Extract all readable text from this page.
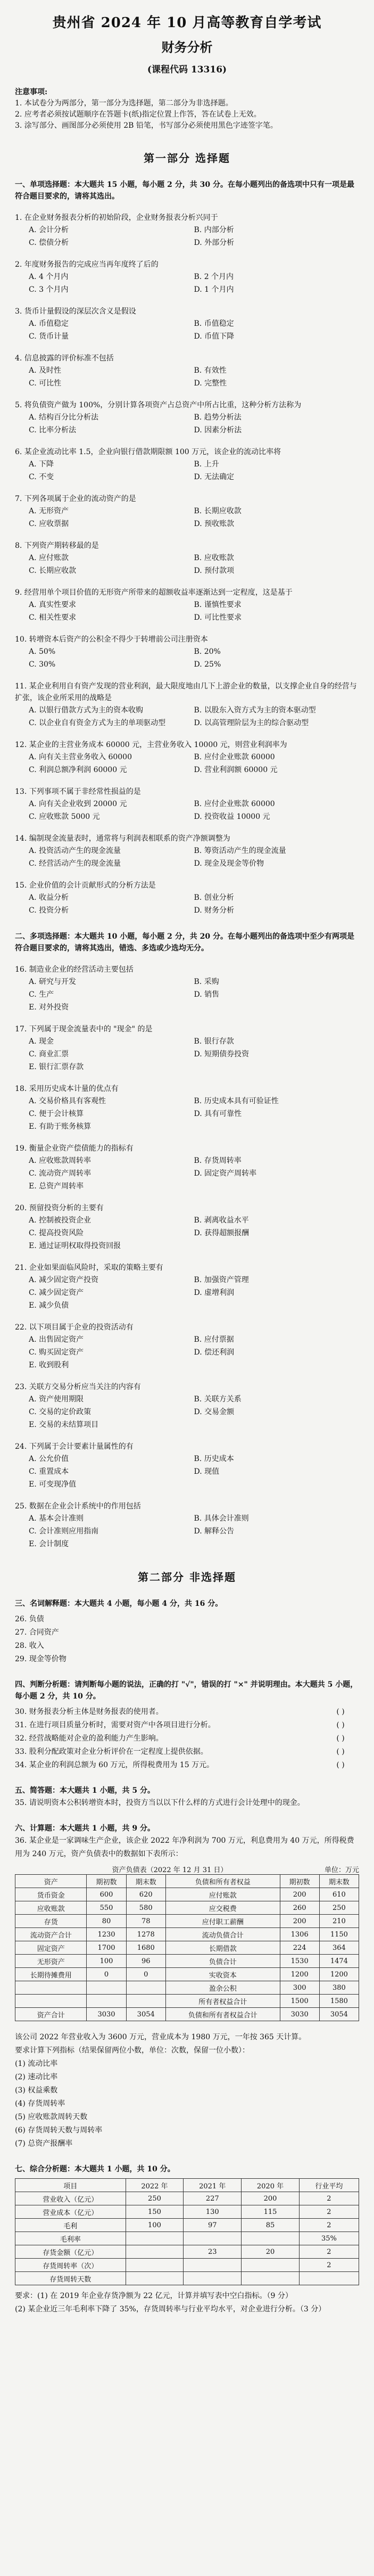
贵州省 2024 年 10 月高等教育自学考试
财务分析
(课程代码 13316)
注意事项:
1. 本试卷分为两部分，第一部分为选择题，第二部分为非选择题。
2. 应考者必须按试题顺序在答题卡(纸)指定位置上作答，答在试卷上无效。
3. 涂写部分、画图部分必须使用 2B 铅笔，书写部分必须使用黑色字迹签字笔。
第一部分 选择题
一、单项选择题：本大题共 15 小题，每小题 2 分，共 30 分。在每小题列出的备选项中只有一项是最符合题目要求的，请将其选出。
1. 在企业财务报表分析的初始阶段，企业财务报表分析兴同于
A. 会计分析	B. 内部分析
C. 偿债分析	D. 外部分析
2. 年度财务报告的完成应当再年度终了后的
A. 4 个月内	B. 2 个月内
C. 3 个月内	D. 1 个月内
3. 货币计量假设的深层次含义是假设
A. 币值稳定	B. 币值稳定
C. 货币计量	D. 币值下降
4. 信息披露的评价标准不包括
A. 及时性	B. 有效性
C. 可比性	D. 完整性
5. 将负债资产做为 100%，分别计算各项资产占总资产中所占比重，这种分析方法称为
A. 结构百分比分析法	B. 趋势分析法
C. 比率分析法	D. 因素分析法
6. 某企业流动比率 1.5，企业向银行借款期限额 100 万元，该企业的流动比率将
A. 下降	B. 上升
C. 不变	D. 无法确定
7. 下列各项属于企业的流动资产的是
A. 无形资产	B. 长期应收款
C. 应收票据	D. 预收账款
8. 下列资产期转移最的是
A. 应付账款	B. 应收账款
C. 长期应收款	D. 预付款项
9. 经营用单个项目价值的无形资产所带来的超额收益率逐渐达到一定程度，这是基于
A. 真实性要求	B. 谨慎性要求
C. 相关性要求	D. 可比性要求
10. 转增资本后资产的公积金不得少于转增前公司注册资本
A. 50%	B. 20%
C. 30%	D. 25%
11. 某企业利用自有资产发现的营业利润，最大限度地由几下上游企业的数量，以支撑企业自身的经营与扩张，该企业所采用的战略是
A. 以银行借款方式为主的资本收购	B. 以股东入资方式为主的资本驱动型
C. 以企业自有资金方式为主的单项驱动型	D. 以高管理阶层为主的综合驱动型
12. 某企业的主营业务成本 60000 元，主营业务收入 10000 元，则营业利润率为
A. 向有关主营业务收入 60000	B. 应付企业账款 60000
C. 利润总额净利润 60000 元	D. 营业利润额 60000 元
13. 下列事项不属于非经常性损益的是
A. 向有关企业收到 20000 元	B. 应付企业账款 60000
C. 应收账款 5000 元	D. 投资收益 10000 元
14. 编制现金流量表时，通常将与利润表相联系的资产净额调整为
A. 投资活动产生的现金流量	B. 筹资活动产生的现金流量
C. 经营活动产生的现金流量	D. 现金及现金等价物
15. 企业价值的会计贡献形式的分析方法是
A. 收益分析	B. 创业分析
C. 投资分析	D. 财务分析
二、多项选择题：本大题共 10 小题，每小题 2 分，共 20 分。在每小题列出的备选项中至少有两项是符合题目要求的，请将其选出，错选、多选或少选均无分。
16. 制造业企业的经营活动主要包括
A. 研究与开发	B. 采购
C. 生产	D. 销售
E. 对外投资
17. 下列属于现金流量表中的 "现金" 的是
A. 现金	B. 银行存款
C. 商业汇票	D. 短期债券投资
E. 银行汇票存款
18. 采用历史成本计量的优点有
A. 交易价格具有客观性	B. 历史成本具有可验证性
C. 便于会计核算	D. 具有可靠性
E. 有助于账务核算
19. 衡量企业资产偿债能力的指标有
A. 应收账款周转率	B. 存货周转率
C. 流动资产周转率	D. 固定资产周转率
E. 总资产周转率
20. 预留投资分析的主要有
A. 控制被投资企业	B. 剥离收益水平
C. 提高投资风险	D. 获得超额报酬
E. 通过证明权取得投资回报
21. 企业如果面临风险时，采取的策略主要有
A. 减少固定资产投资	B. 加强资产管理
C. 减少固定资产	D. 虚增利润
E. 减少负债
22. 以下项目属于企业的投资活动有
A. 出售固定资产	B. 应付票据
C. 购买固定资产	D. 偿还利润
E. 收到股利
23. 关联方交易分析应当关注的内容有
A. 资产使用期限	B. 关联方关系
C. 交易的定价政策	D. 交易金额
E. 交易的未结算项目
24. 下列属于会计要素计量属性的有
A. 公允价值	B. 历史成本
C. 重置成本	D. 现值
E. 可变现净值
25. 数据在企业会计系统中的作用包括
A. 基本会计准则	B. 具体会计准则
C. 会计准则应用指南	D. 解释公告
E. 会计制度
第二部分 非选择题
三、名词解释题：本大题共 4 小题，每小题 4 分，共 16 分。
26. 负债
27. 合同资产
28. 收入
29. 现金等价物
四、判断分析题：请判断每小题的说法，正确的打 "√"，错误的打 "×" 并说明理由。本大题共 5 小题，每小题 2 分，共 10 分。
( )
30. 财务报表分析主体是财务报表的使用者。
( )
31. 在进行项目质量分析时，需要对资产中各项目进行分析。
( )
32. 经营战略能对企业的盈利能力产生影响。
( )
33. 股利分配政策对企业分析评价在一定程度上提供依据。
( )
34. 某企业的利润总额为 60 万元，所得税费用为 15 万元。
五、简答题：本大题共 1 小题，共 5 分。
35. 请说明资本公积转增资本时，投资方当以以下什么样的方式进行会计处理中的现金。
六、计算题：本大题共 1 小题，共 9 分。
36. 某企业是一家调味生产企业，该企业 2022 年净利润为 700 万元，利息费用为 40 万元，所得税费用为 240 万元，资产负债表中的数据如下表所示：
资产负债表（2022 年 12 月 31 日）	单位：万元
资产	期初数	期末数	负债和所有者权益	期初数	期末数
货币资金	600	620	应付账款	200	610
应收账款	550	580	应交税费	260	250
存货	80	78	应付职工薪酬	200	210
流动资产合计	1230	1278	流动负债合计	1306	1150
固定资产	1700	1680	长期借款	224	364
无形资产	100	96	负债合计	1530	1474
长期待摊费用	0	0	实收资本	1200	1200
			盈余公积	300	380
			所有者权益合计	1500	1580
资产合计	3030	3054	负债和所有者权益合计	3030	3054
该公司 2022 年营业收入为 3600 万元，营业成本为 1980 万元，一年按 365 天计算。
要求计算下列指标（结果保留两位小数，单位：次数，保留一位小数）：
(1) 流动比率
(2) 速动比率
(3) 权益乘数
(4) 存货周转率
(5) 应收账款周转天数
(6) 存货周转天数与周转率
(7) 总资产报酬率
七、综合分析题：本大题共 1 小题，共 10 分。
项目	2022 年	2021 年	2020 年	行业平均
营业收入（亿元）	250	227	200	2
营业成本（亿元）	150	130	115	2
毛利	100	97	85	2
毛利率				35%
存货金额（亿元）		23	20	2
存货周转率（次）				2
存货周转天数				
要求：(1) 在 2019 年企业存货净额为 22 亿元，计算并填写表中空白指标。（9 分）
(2) 某企业近三年毛利率下降了 35%，存货周转率与行业平均水平，对企业进行分析。（3 分）
